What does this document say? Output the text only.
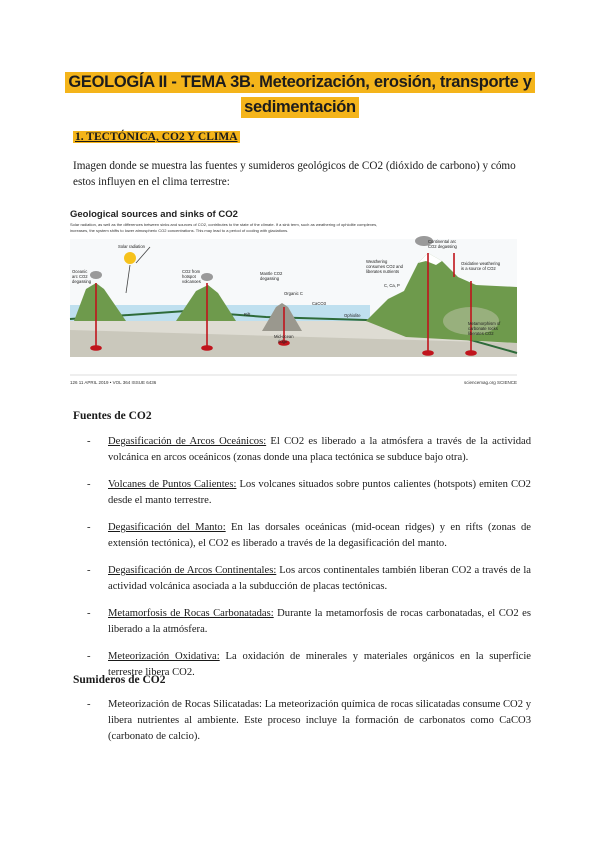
GEOLOGÍA II - TEMA 3B. Meteorización, erosión, transporte y
sedimentación
1. TECTÓNICA, CO2 Y CLIMA
Imagen donde se muestra las fuentes y sumideros geológicos de CO2 (dióxido de carbono) y cómo estos influyen en el clima terrestre:
Geological sources and sinks of CO2
Solar radiation, as well as the differences between sinks and sources of CO2, contributes to the state of the climate. If a sink term, such as weathering of ophiolite complexes,
increases, the system shifts to lower atmospheric CO2 concentrations. This may lead to a period of cooling with glaciations.
Solar radiation
Oceanic
arc CO2
degassing
CO2 from
hotspot
volcanoes
Mantle CO2
degassing
Organic C
CaCO3
Weathering
consumes CO2 and
liberates nutrients
C, Ca, P
Continental arc
CO2 degassing
Oxidative weathering
is a source of CO2
Ophiolite
Rift
Mid-ocean
ridge
Metamorphism of
carbonate rocks
liberates CO2
126 11 APRIL 2019 • VOL 364 ISSUE 6436	sciencemag.org SCIENCE
Fuentes de CO2
- Degasificación de Arcos Oceánicos: El CO2 es liberado a la atmósfera a través de la actividad volcánica en arcos oceánicos (zonas donde una placa tectónica se subduce bajo otra).
- Volcanes de Puntos Calientes: Los volcanes situados sobre puntos calientes (hotspots) emiten CO2 desde el manto terrestre.
- Degasificación del Manto: En las dorsales oceánicas (mid-ocean ridges) y en rifts (zonas de extensión tectónica), el CO2 es liberado a través de la degasificación del manto.
- Degasificación de Arcos Continentales: Los arcos continentales también liberan CO2 a través de la actividad volcánica asociada a la subducción de placas tectónicas.
- Metamorfosis de Rocas Carbonatadas: Durante la metamorfosis de rocas carbonatadas, el CO2 es liberado a la atmósfera.
- Meteorización Oxidativa: La oxidación de minerales y materiales orgánicos en la superficie terrestre libera CO2.
Sumideros de CO2
- Meteorización de Rocas Silicatadas: La meteorización química de rocas silicatadas consume CO2 y libera nutrientes al ambiente. Este proceso incluye la formación de carbonatos como CaCO3 (carbonato de calcio).
